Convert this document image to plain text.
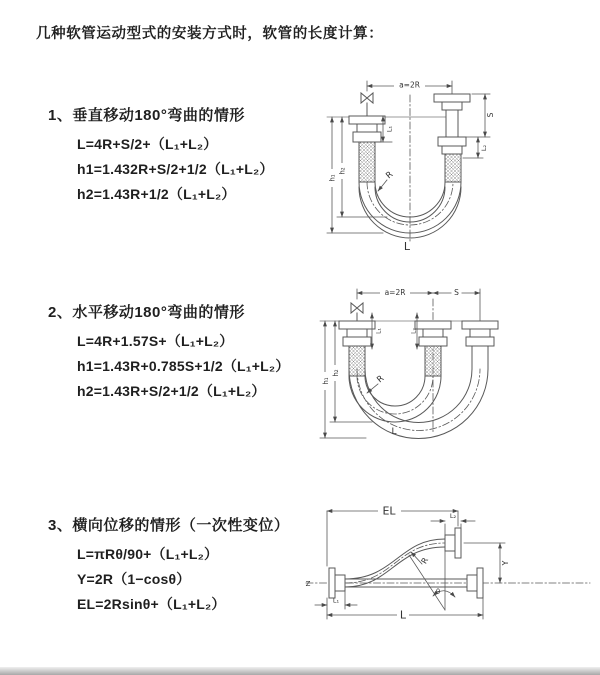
几种软管运动型式的安装方式时，软管的长度计算：
1、垂直移动180°弯曲的情形
L=4R+S/2+（L₁+L₂）
h1=1.432R+S/2+1/2（L₁+L₂）
h2=1.43R+1/2（L₁+L₂）
2、水平移动180°弯曲的情形
L=4R+1.57S+（L₁+L₂）
h1=1.43R+0.785S+1/2（L₁+L₂）
h2=1.43R+S/2+1/2（L₁+L₂）
3、横向位移的情形（一次性变位）
L=πRθ/90+（L₁+L₂）
Y=2R（1−cosθ）
EL=2Rsinθ+（L₁+L₂）
a=2R
h₁
h₂
L₁
S
L₂
R
L
a=2R	S
h₁
h₂
L₁	L₂
R
L
EL	L₂
Y
R
θ
L₁
L
Z
